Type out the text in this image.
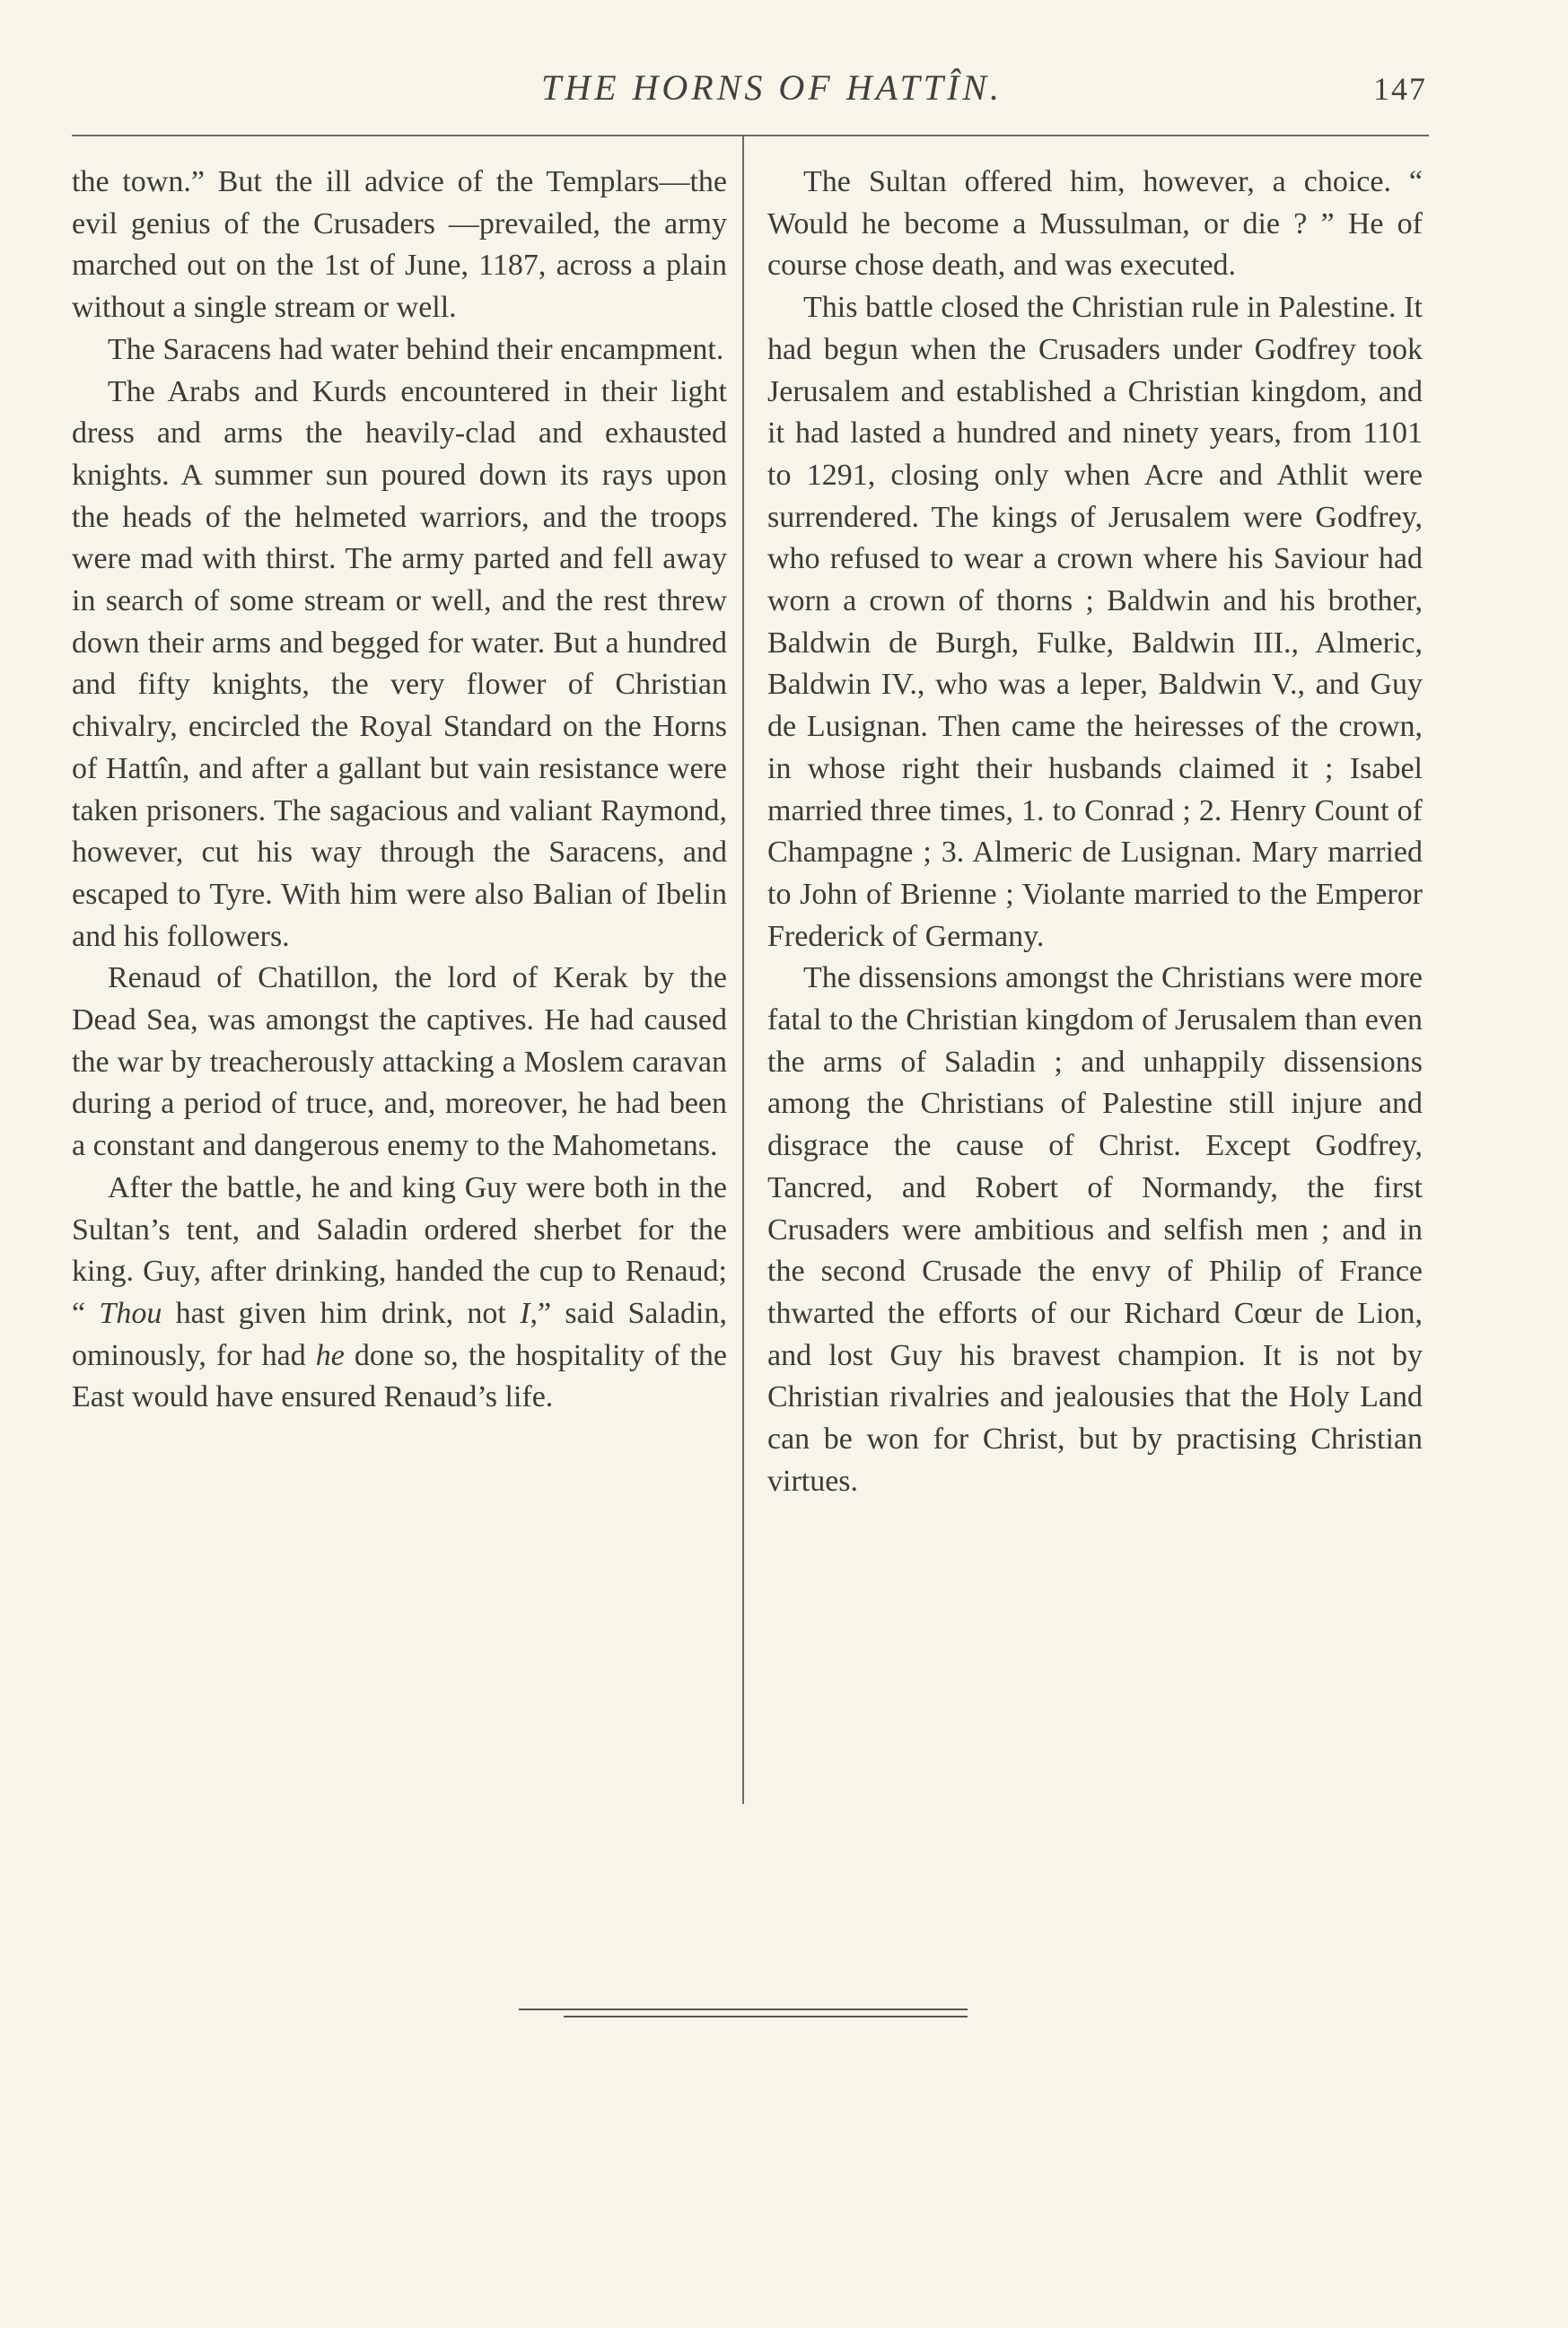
THE HORNS OF HATTÎN.	147

the town.” But the ill advice of the Templars—the evil genius of the Crusaders —prevailed, the army marched out on the 1st of June, 1187, across a plain without a single stream or well.

The Saracens had water behind their encampment.

The Arabs and Kurds encountered in their light dress and arms the heavily-clad and exhausted knights. A summer sun poured down its rays upon the heads of the helmeted warriors, and the troops were mad with thirst. The army parted and fell away in search of some stream or well, and the rest threw down their arms and begged for water. But a hundred and fifty knights, the very flower of Christian chivalry, encircled the Royal Standard on the Horns of Hattîn, and after a gallant but vain resistance were taken prisoners. The sagacious and valiant Raymond, however, cut his way through the Saracens, and escaped to Tyre. With him were also Balian of Ibelin and his followers.

Renaud of Chatillon, the lord of Kerak by the Dead Sea, was amongst the captives. He had caused the war by treacherously attacking a Moslem caravan during a period of truce, and, moreover, he had been a constant and dangerous enemy to the Mahometans.

After the battle, he and king Guy were both in the Sultan’s tent, and Saladin ordered sherbet for the king. Guy, after drinking, handed the cup to Renaud; “ Thou hast given him drink, not I,” said Saladin, ominously, for had he done so, the hospitality of the East would have ensured Renaud’s life.

The Sultan offered him, however, a choice. “ Would he become a Mussulman, or die ? ” He of course chose death, and was executed.

This battle closed the Christian rule in Palestine. It had begun when the Crusaders under Godfrey took Jerusalem and established a Christian kingdom, and it had lasted a hundred and ninety years, from 1101 to 1291, closing only when Acre and Athlit were surrendered. The kings of Jerusalem were Godfrey, who refused to wear a crown where his Saviour had worn a crown of thorns ; Baldwin and his brother, Baldwin de Burgh, Fulke, Baldwin III., Almeric, Baldwin IV., who was a leper, Baldwin V., and Guy de Lusignan. Then came the heiresses of the crown, in whose right their husbands claimed it ; Isabel married three times, 1. to Conrad ; 2. Henry Count of Champagne ; 3. Almeric de Lusignan. Mary married to John of Brienne ; Violante married to the Emperor Frederick of Germany.

The dissensions amongst the Christians were more fatal to the Christian kingdom of Jerusalem than even the arms of Saladin ; and unhappily dissensions among the Christians of Palestine still injure and disgrace the cause of Christ. Except Godfrey, Tancred, and Robert of Normandy, the first Crusaders were ambitious and selfish men ; and in the second Crusade the envy of Philip of France thwarted the efforts of our Richard Cœur de Lion, and lost Guy his bravest champion. It is not by Christian rivalries and jealousies that the Holy Land can be won for Christ, but by practising Christian virtues.
